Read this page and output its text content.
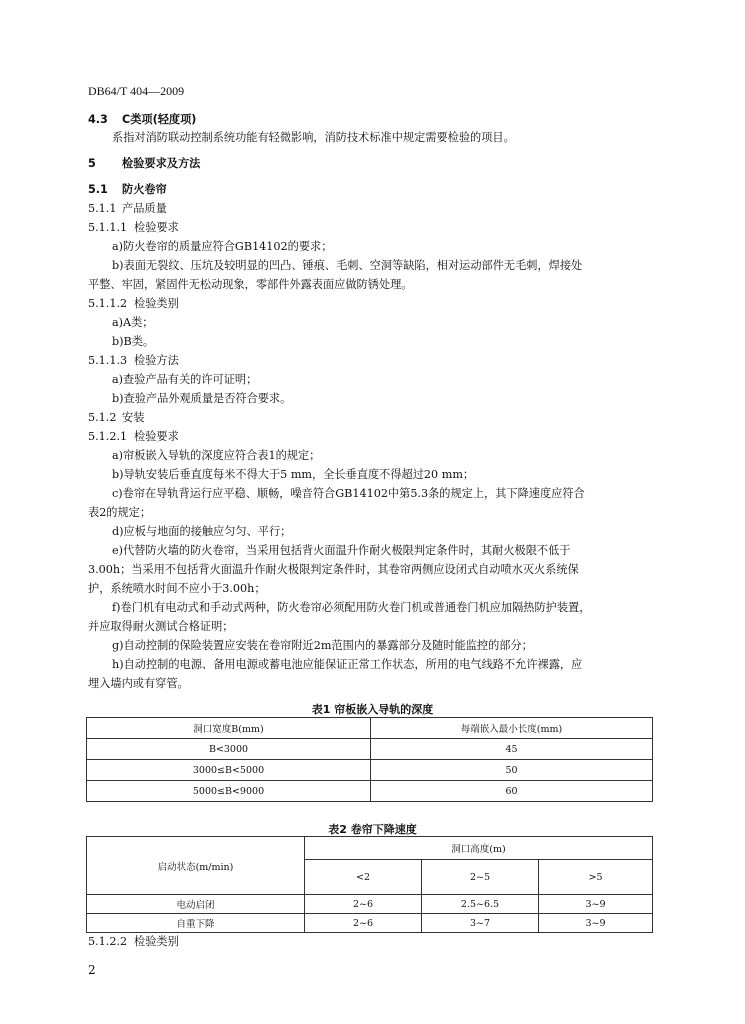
DB64/T 404—2009
4.3 C类项(轻度项)
系指对消防联动控制系统功能有轻微影响，消防技术标准中规定需要检验的项目。
5 检验要求及方法
5.1 防火卷帘
5.1.1 产品质量
5.1.1.1 检验要求
a)防火卷帘的质量应符合GB14102的要求；
b)表面无裂纹、压坑及较明显的凹凸、锤痕、毛刺、空洞等缺陷，相对运动部件无毛刺，焊接处
平整、牢固，紧固件无松动现象，零部件外露表面应做防锈处理。
5.1.1.2 检验类别
a)A类；
b)B类。
5.1.1.3 检验方法
a)查验产品有关的许可证明；
b)查验产品外观质量是否符合要求。
5.1.2 安装
5.1.2.1 检验要求
a)帘板嵌入导轨的深度应符合表1的规定；
b)导轨安装后垂直度每米不得大于5 mm，全长垂直度不得超过20 mm；
c)卷帘在导轨背运行应平稳、顺畅，噪音符合GB14102中第5.3条的规定上，其下降速度应符合
表2的规定；
d)应板与地面的接触应匀匀、平行；
e)代替防火墙的防火卷帘，当采用包括背火面温升作耐火极限判定条件时，其耐火极限不低于
3.00h；当采用不包括背火面温升作耐火极限判定条件时，其卷帘两侧应设闭式自动喷水灭火系统保
护，系统喷水时间不应小于3.00h；
f)卷门机有电动式和手动式两种，防火卷帘必须配用防火卷门机或普通卷门机应加隔热防护装置，
并应取得耐火测试合格证明；
g)自动控制的保险装置应安装在卷帘附近2m范围内的暴露部分及随时能监控的部分；
h)自动控制的电源、备用电源或蓄电池应能保证正常工作状态，所用的电气线路不允许裸露，应
埋入墙内或有穿管。
表1 帘板嵌入导轨的深度
洞口宽度B(mm)	每端嵌入最小长度(mm)
B<3000	45
3000≤B<5000	50
5000≤B<9000	60
表2 卷帘下降速度
启动状态(m/min)	洞口高度(m)		
	<2	2~5	>5
电动启闭	2~6	2.5~6.5	3~9
自重下降	2~6	3~7	3~9
5.1.2.2 检验类别
2
